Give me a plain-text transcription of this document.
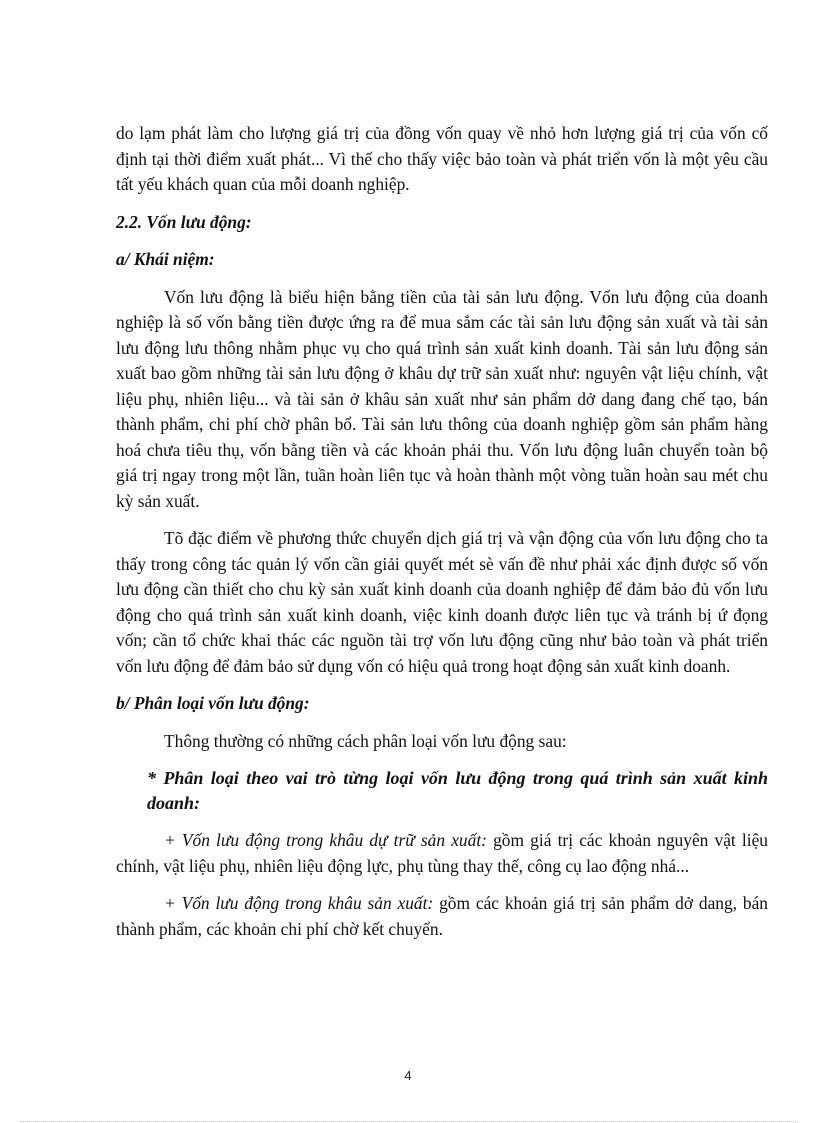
do lạm phát làm cho lượng giá trị của đồng vốn quay về nhỏ hơn lượng giá trị của vốn cố định tại thời điểm xuất phát... Vì thế cho thấy việc bảo toàn và phát triển vốn là một yêu cầu tất yếu khách quan của mỗi doanh nghiệp.

2.2. Vốn lưu động:

a/ Khái niệm:

Vốn lưu động là biểu hiện bằng tiền của tài sản lưu động. Vốn lưu động của doanh nghiệp là số vốn bằng tiền được ứng ra để mua sắm các tài sản lưu động sản xuất và tài sản lưu động lưu thông nhằm phục vụ cho quá trình sản xuất kinh doanh. Tài sản lưu động sản xuất bao gồm những tài sản lưu động ở khâu dự trữ sản xuất như: nguyên vật liệu chính, vật liệu phụ, nhiên liệu... và tài sản ở khâu sản xuất như sản phẩm dở dang đang chế tạo, bán thành phẩm, chi phí chờ phân bổ. Tài sản lưu thông của doanh nghiệp gồm sản phẩm hàng hoá chưa tiêu thụ, vốn bằng tiền và các khoản phải thu. Vốn lưu động luân chuyển toàn bộ giá trị ngay trong một lần, tuần hoàn liên tục và hoàn thành một vòng tuần hoàn sau mét chu kỳ sản xuất.

Tõ đặc điểm về phương thức chuyển dịch giá trị và vận động của vốn lưu động cho ta thấy trong công tác quản lý vốn cần giải quyết mét sè vấn đề như phải xác định được số vốn lưu động cần thiết cho chu kỳ sản xuất kinh doanh của doanh nghiệp để đảm bảo đủ vốn lưu động cho quá trình sản xuất kinh doanh, việc kinh doanh được liên tục và tránh bị ứ đọng vốn; cần tổ chức khai thác các nguồn tài trợ vốn lưu động cũng như bảo toàn và phát triển vốn lưu động để đảm bảo sử dụng vốn có hiệu quả trong hoạt động sản xuất kinh doanh.

b/ Phân loại vốn lưu động:

Thông thường có những cách phân loại vốn lưu động sau:

* Phân loại theo vai trò từng loại vốn lưu động trong quá trình sản xuất kinh doanh:

+ Vốn lưu động trong khâu dự trữ sản xuất: gồm giá trị các khoản nguyên vật liệu chính, vật liệu phụ, nhiên liệu động lực, phụ tùng thay thế, công cụ lao động nhá...

+ Vốn lưu động trong khâu sản xuất: gồm các khoản giá trị sản phẩm dở dang, bán thành phẩm, các khoản chi phí chờ kết chuyển.

4
